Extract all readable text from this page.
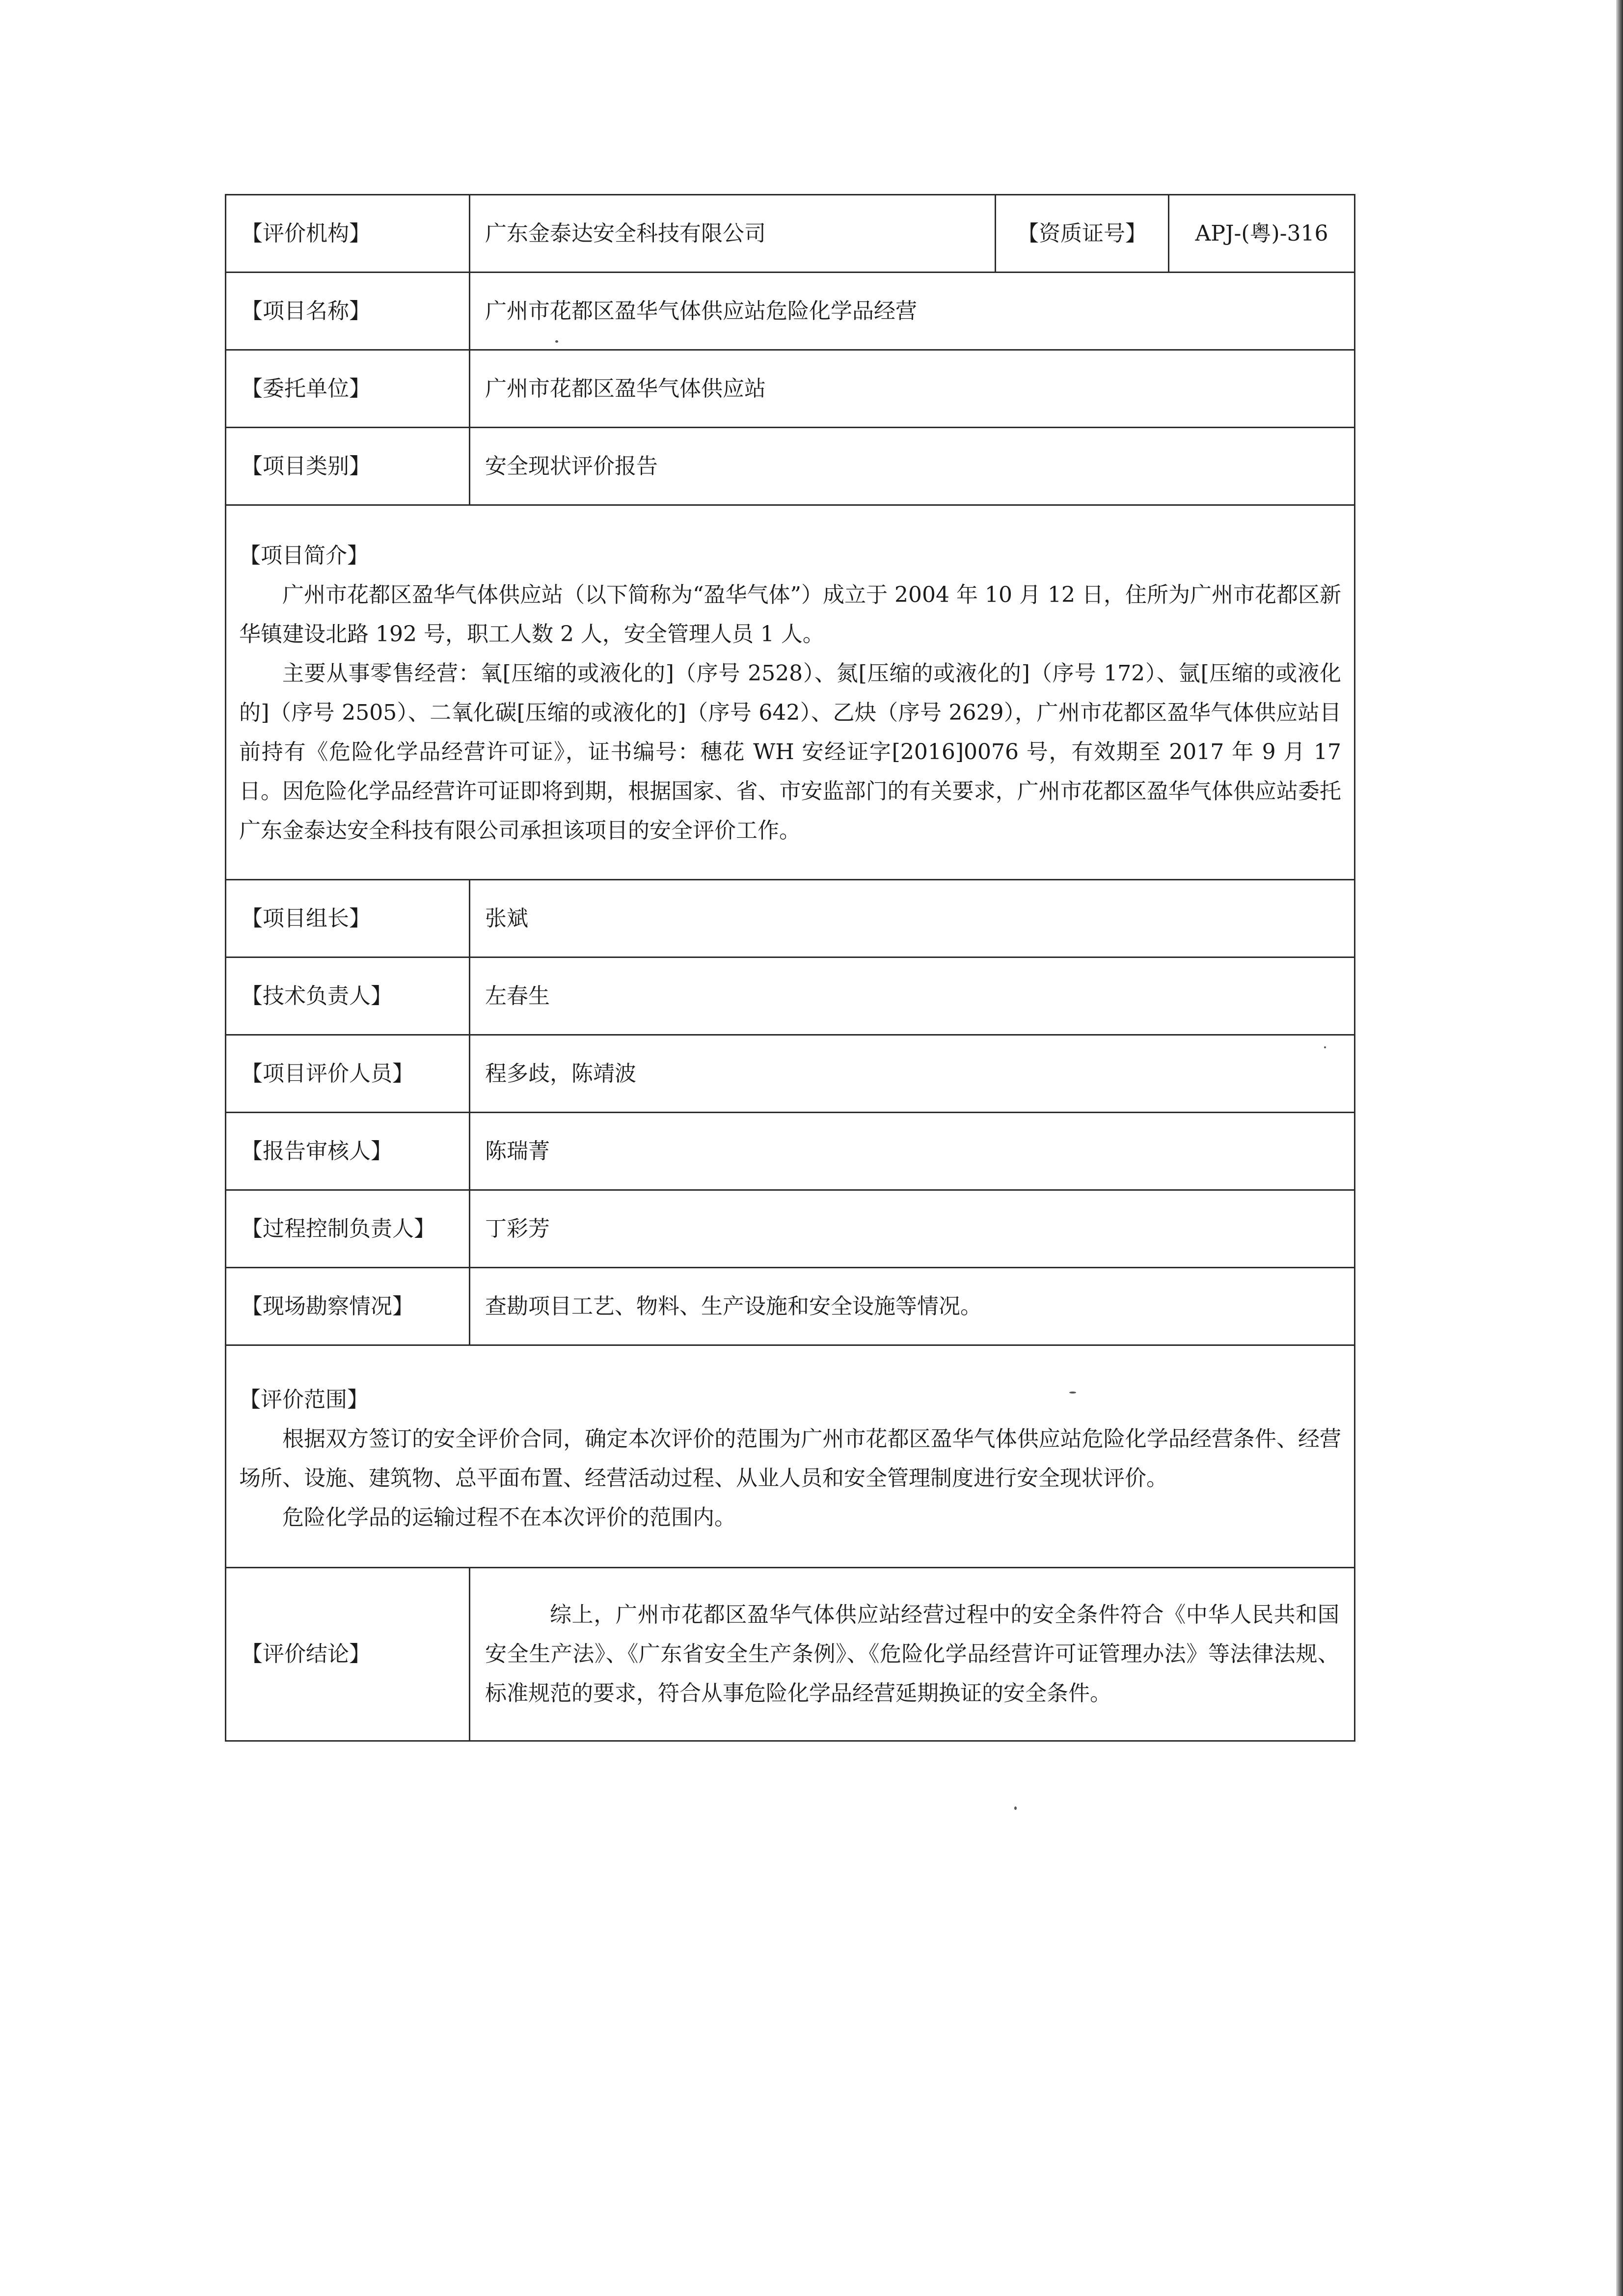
【评价机构】	广东金泰达安全科技有限公司	【资质证号】	APJ-(粤)-316
【项目名称】	广州市花都区盈华气体供应站危险化学品经营		
【委托单位】	广州市花都区盈华气体供应站		
【项目类别】	安全现状评价报告		

【项目简介】

广州市花都区盈华气体供应站（以下简称为“盈华气体”）成立于 2004 年 10 月 12 日，住所为广州市花都区新华镇建设北路 192 号，职工人数 2 人，安全管理人员 1 人。

主要从事零售经营：氧[压缩的或液化的]（序号 2528）、氮[压缩的或液化的]（序号 172）、氩[压缩的或液化的]（序号 2505）、二氧化碳[压缩的或液化的]（序号 642）、乙炔（序号 2629），广州市花都区盈华气体供应站目前持有《危险化学品经营许可证》，证书编号：穗花 WH 安经证字[2016]0076 号，有效期至 2017 年 9 月 17 日。因危险化学品经营许可证即将到期，根据国家、省、市安监部门的有关要求，广州市花都区盈华气体供应站委托广东金泰达安全科技有限公司承担该项目的安全评价工作。			

【项目组长】	张斌		
【技术负责人】	左春生		
【项目评价人员】	程多歧，陈靖波		
【报告审核人】	陈瑞菁		
【过程控制负责人】	丁彩芳		
【现场勘察情况】	查勘项目工艺、物料、生产设施和安全设施等情况。		

【评价范围】

根据双方签订的安全评价合同，确定本次评价的范围为广州市花都区盈华气体供应站危险化学品经营条件、经营场所、设施、建筑物、总平面布置、经营活动过程、从业人员和安全管理制度进行安全现状评价。

危险化学品的运输过程不在本次评价的范围内。			

【评价结论】	综上，广州市花都区盈华气体供应站经营过程中的安全条件符合《中华人民共和国安全生产法》、《广东省安全生产条例》、《危险化学品经营许可证管理办法》等法律法规、标准规范的要求，符合从事危险化学品经营延期换证的安全条件。		
